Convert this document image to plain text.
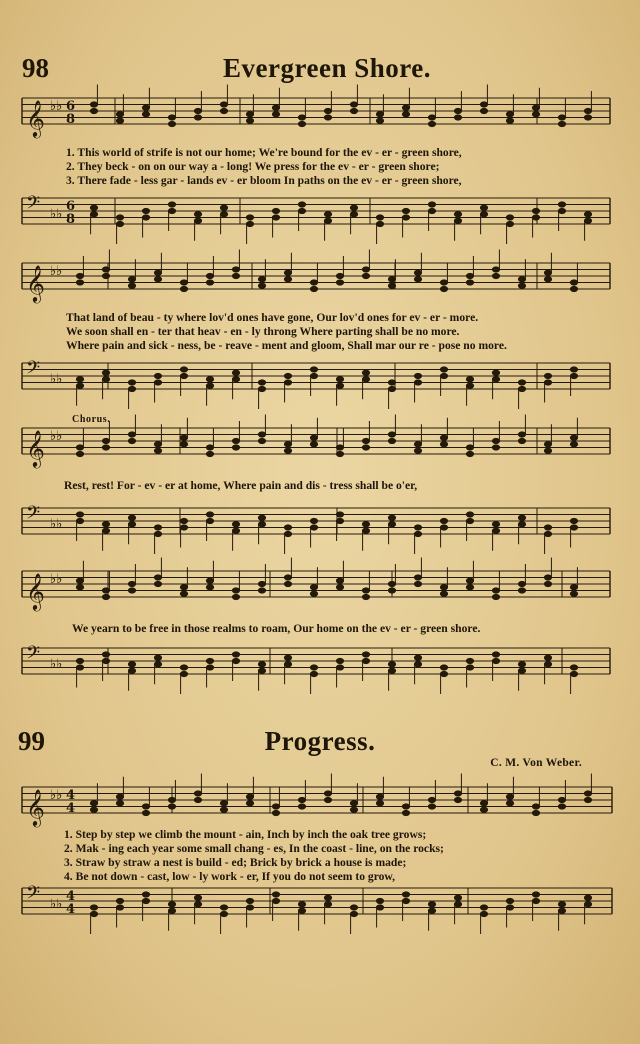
98	Evergreen Shore.
𝄞 ♭♭
𝄢 ♭♭
𝄞 ♭♭
𝄢 ♭♭
𝄞 ♭♭
𝄢 ♭♭
𝄞 ♭♭
𝄢 ♭♭
𝄞 ♭♭
𝄢 ♭♭
6
8
6
8
4
4
4
4
1. This world of strife is not our home; We're bound for the ev - er - green shore,
2. They beck - on on our way a - long! We press for the ev - er - green shore;
3. There fade - less gar - lands ev - er bloom In paths on the ev - er - green shore,
That land of beau - ty where lov'd ones have gone, Our lov'd ones for ev - er - more.
We soon shall en - ter that heav - en - ly throng Where parting shall be no more.
Where pain and sick - ness, be - reave - ment and gloom, Shall mar our re - pose no more.
Chorus.
Rest, rest! For - ev - er at home, Where pain and dis - tress shall be o'er,
We yearn to be free in those realms to roam, Our home on the ev - er - green shore.
99	Progress.
C. M. Von Weber.
1. Step by step we climb the mount - ain, Inch by inch the oak tree grows;
2. Mak - ing each year some small chang - es, In the coast - line, on the rocks;
3. Straw by straw a nest is build - ed; Brick by brick a house is made;
4. Be not down - cast, low - ly work - er, If you do not seem to grow,
